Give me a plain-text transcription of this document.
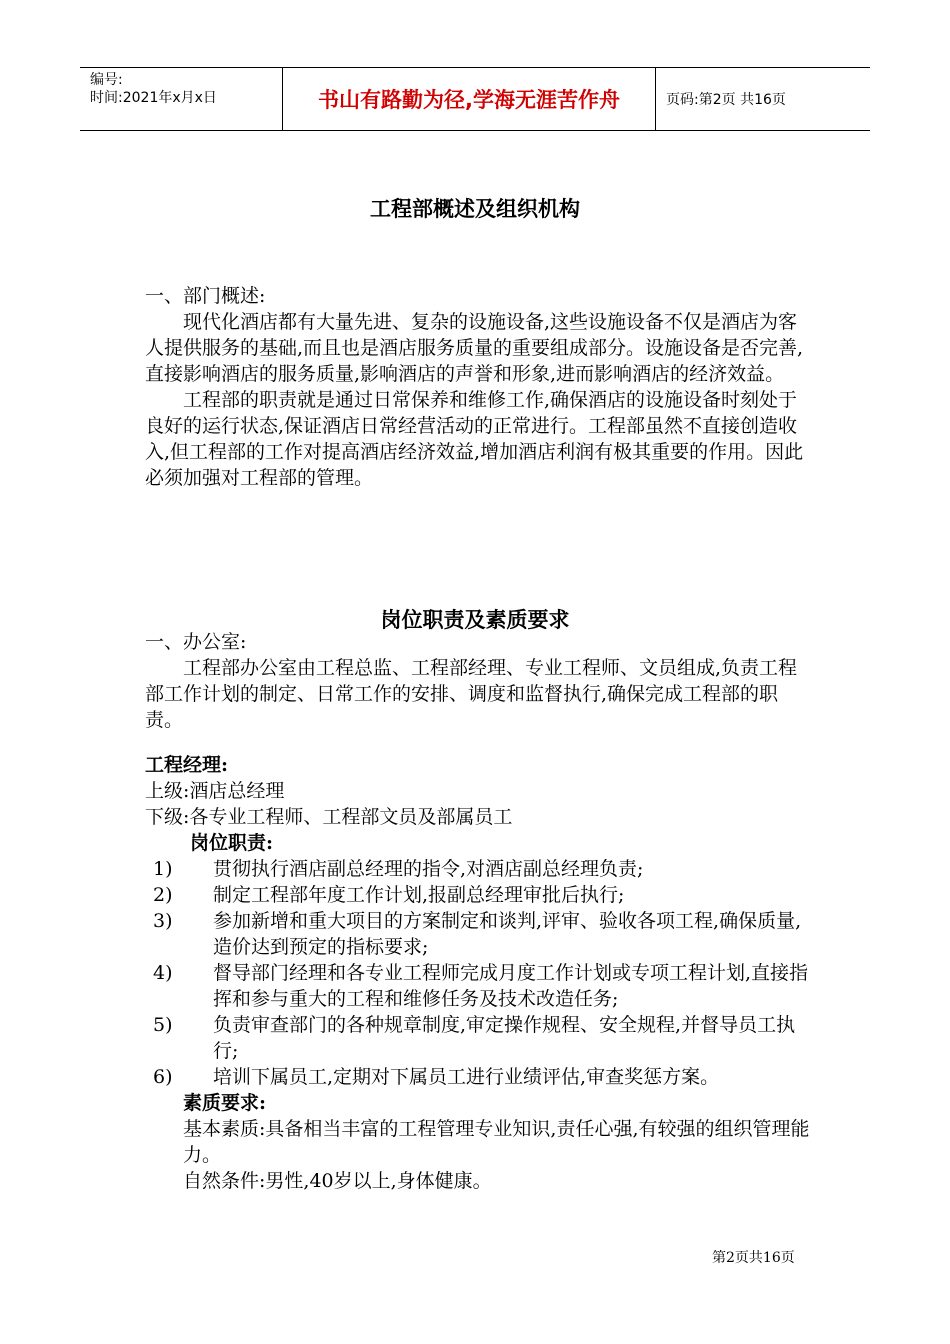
编号:
时间:2021年x月x日	书山有路勤为径,学海无涯苦作舟	页码:第2页 共16页
工程部概述及组织机构

一、部门概述:

现代化酒店都有大量先进、复杂的设施设备,这些设施设备不仅是酒店为客人提供服务的基础,而且也是酒店服务质量的重要组成部分。设施设备是否完善,直接影响酒店的服务质量,影响酒店的声誉和形象,进而影响酒店的经济效益。

工程部的职责就是通过日常保养和维修工作,确保酒店的设施设备时刻处于良好的运行状态,保证酒店日常经营活动的正常进行。工程部虽然不直接创造收入,但工程部的工作对提高酒店经济效益,增加酒店利润有极其重要的作用。因此必须加强对工程部的管理。

岗位职责及素质要求

一、办公室:

工程部办公室由工程总监、工程部经理、专业工程师、文员组成,负责工程部工作计划的制定、日常工作的安排、调度和监督执行,确保完成工程部的职责。

工程经理:

上级:酒店总经理

下级:各专业工程师、工程部文员及部属员工

岗位职责:

1) 贯彻执行酒店副总经理的指令,对酒店副总经理负责;

2) 制定工程部年度工作计划,报副总经理审批后执行;

3) 参加新增和重大项目的方案制定和谈判,评审、验收各项工程,确保质量,造价达到预定的指标要求;

4) 督导部门经理和各专业工程师完成月度工作计划或专项工程计划,直接指挥和参与重大的工程和维修任务及技术改造任务;

5) 负责审查部门的各种规章制度,审定操作规程、安全规程,并督导员工执行;

6) 培训下属员工,定期对下属员工进行业绩评估,审查奖惩方案。

素质要求:

基本素质:具备相当丰富的工程管理专业知识,责任心强,有较强的组织管理能力。

自然条件:男性,40岁以上,身体健康。

第2页共16页
